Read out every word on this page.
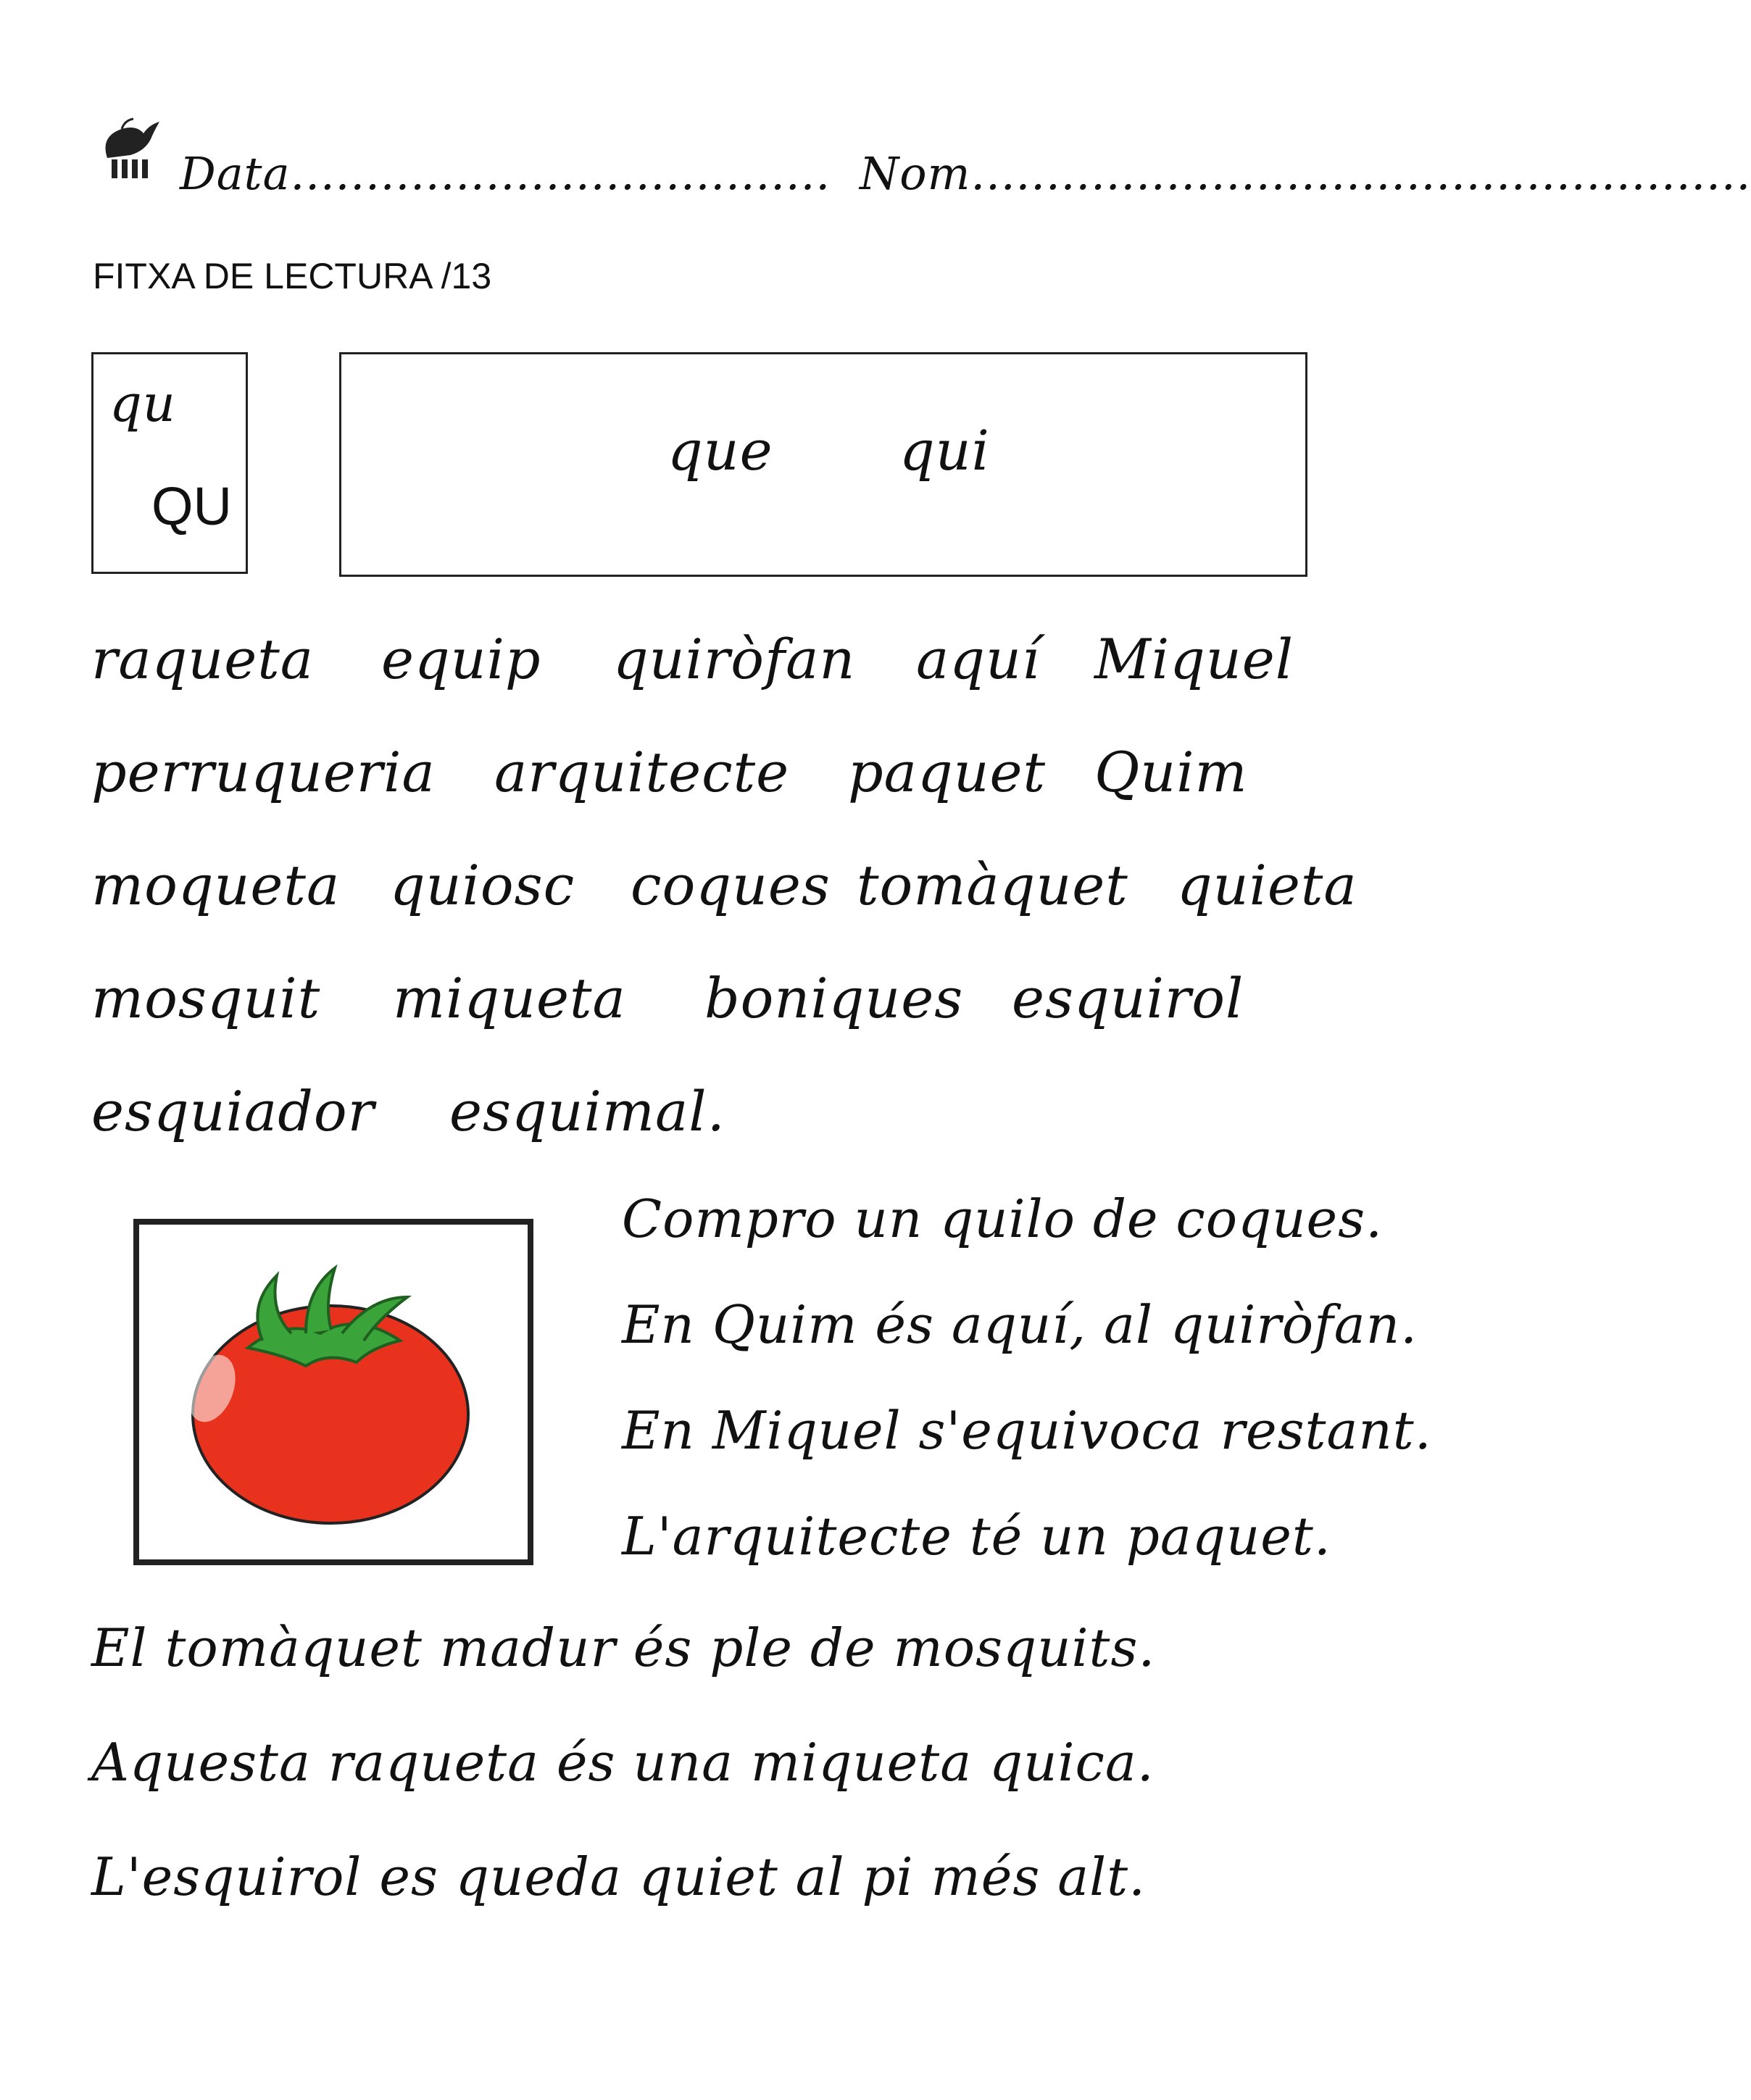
Data.................................... Nom....................................................
FITXA DE LECTURA /13
qu
QU
que qui
raqueta equip quiròfan aquí Miquel
perruqueria arquitecte paquet Quim
moqueta quiosc coques tomàquet quieta
mosquit miqueta boniques esquirol
esquiador esquimal.
Compro un quilo de coques.
En Quim és aquí, al quiròfan.
En Miquel s'equivoca restant.
L'arquitecte té un paquet.
El tomàquet madur és ple de mosquits.
Aquesta raqueta és una miqueta quica.
L'esquirol es queda quiet al pi més alt.
